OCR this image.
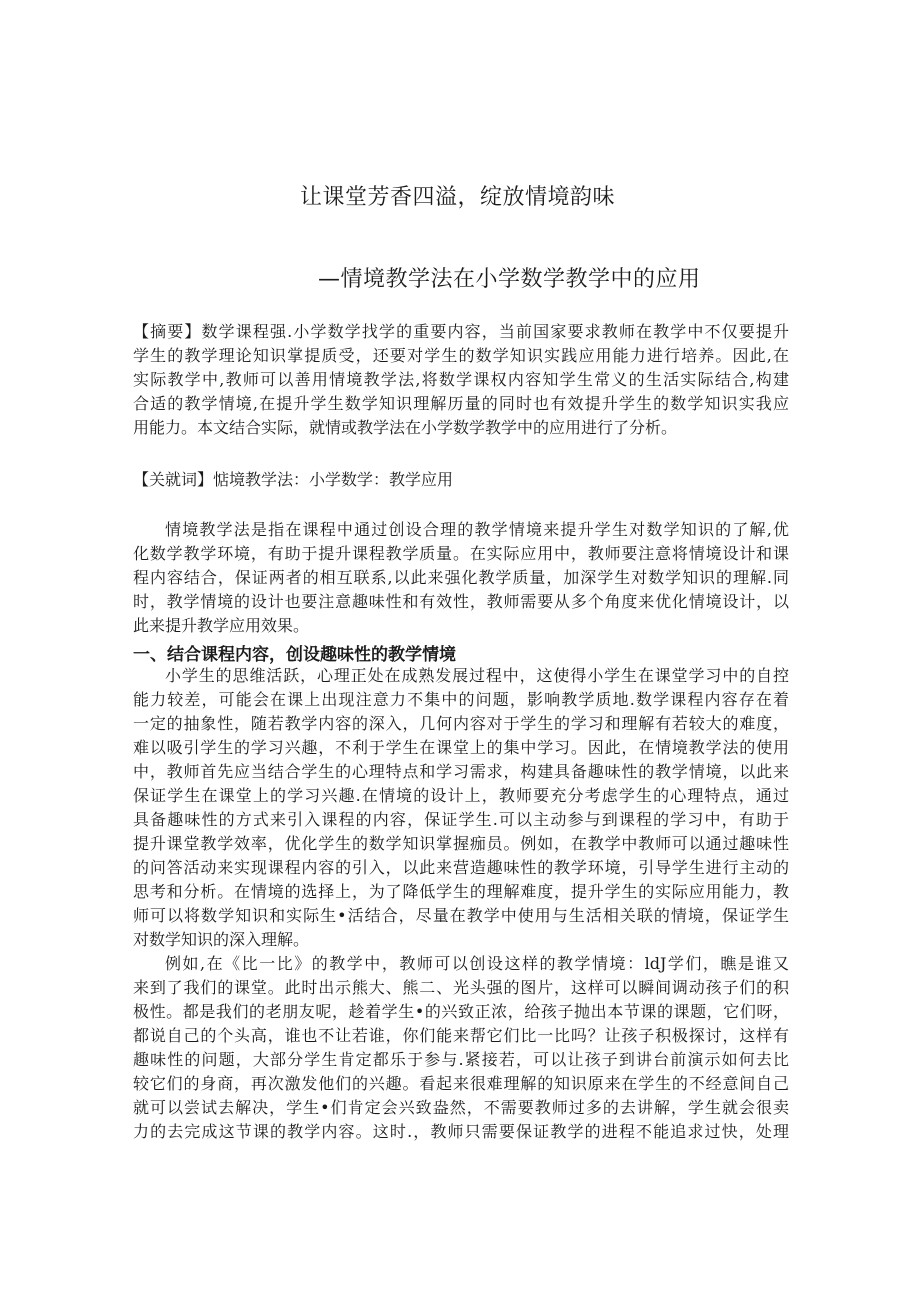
让课堂芳香四溢，绽放情境韵味
—情境教学法在小学数学教学中的应用
【摘要】数学课程强.小学数学找学的重要内容，当前国家要求教师在教学中不仅要提升
学生的教学理论知识掌提质受，还要对学生的数学知识实践应用能力进行培养。因此,在
实际教学中,教师可以善用情境教学法,将数学课权内容知学生常义的生活实际结合,构建
合适的教学情境,在提升学生数学知识理解历量的同时也有效提升学生的数学知识实我应
用能力。本文结合实际，就情或教学法在小学数学教学中的应用进行了分析。
【关就词】惦境教学法：小学数学：教学应用
情境教学法是指在课程中通过创设合理的教学情境来提升学生对数学知识的了解,优
化数学教学环境，有助于提升课程教学质量。在实际应用中，教师要注意将情境设计和课
程内容结合，保证两者的相互联系,以此来强化教学质量，加深学生对数学知识的理解.同
时，教学情境的设计也要注意趣味性和有效性，教师需要从多个角度来优化情境设计，以
此来提升教学应用效果。
一、结合课程内容，创设趣味性的教学情境
小学生的思维活跃，心理正处在成熟发展过程中，这使得小学生在课堂学习中的自控
能力较差，可能会在课上出现注意力不集中的问题，影响教学质地.数学课程内容存在着
一定的抽象性，随若教学内容的深入，几何内容对于学生的学习和理解有若较大的难度，
难以吸引学生的学习兴趣，不利于学生在课堂上的集中学习。因此，在情境教学法的使用
中，教师首先应当结合学生的心理特点和学习需求，构建具备趣味性的教学情境，以此来
保证学生在课堂上的学习兴趣.在情境的设计上，教师要充分考虑学生的心理特点，通过
具备趣味性的方式来引入课程的内容，保证学生.可以主动参与到课程的学习中，有助于
提升课堂教学效率，优化学生的数学知识掌握痂员。例如，在教学中教师可以通过趣味性
的问答活动来实现课程内容的引入，以此来营造趣味性的教学环境，引导学生进行主动的
思考和分析。在情境的选择上，为了降低学生的理解难度，提升学生的实际应用能力，教
师可以将数学知识和实际生•活结合，尽量在教学中使用与生活相关联的情境，保证学生
对数学知识的深入理解。
例如,在《比一比》的教学中，教师可以创设这样的教学情境：ldJ学们，瞧是谁又
来到了我们的课堂。此时出示熊大、熊二、光头强的图片，这样可以瞬间调动孩子们的积
极性。都是我们的老朋友呢，趁着学生•的兴致正浓，给孩子抛出本节课的课题，它们呀，
都说自己的个头高，谁也不让若谁，你们能来帮它们比一比吗？让孩子积极探讨，这样有
趣味性的问题，大部分学生肯定都乐于参与.紧接若，可以让孩子到讲台前演示如何去比
较它们的身商，再次激发他们的兴趣。看起来很难理解的知识原来在学生的不经意间自己
就可以尝试去解决，学生•们肯定会兴致盎然，不需要教师过多的去讲解，学生就会很卖
力的去完成这节课的教学内容。这时.，教师只需要保证教学的进程不能追求过快，处理
